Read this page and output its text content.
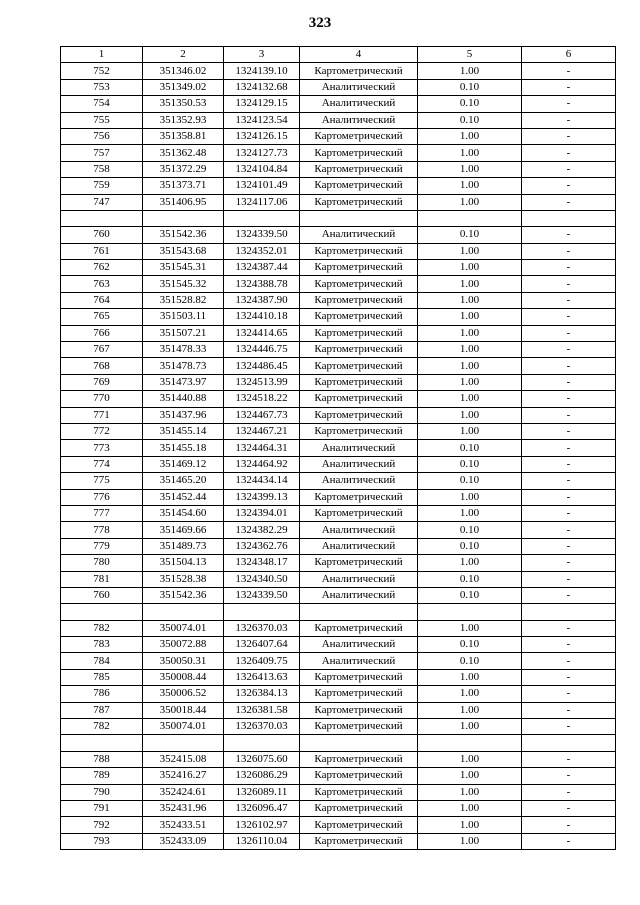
323
1	2	3	4	5	6
752	351346.02	1324139.10	Картометрический	1.00	-
753	351349.02	1324132.68	Аналитический	0.10	-
754	351350.53	1324129.15	Аналитический	0.10	-
755	351352.93	1324123.54	Аналитический	0.10	-
756	351358.81	1324126.15	Картометрический	1.00	-
757	351362.48	1324127.73	Картометрический	1.00	-
758	351372.29	1324104.84	Картометрический	1.00	-
759	351373.71	1324101.49	Картометрический	1.00	-
747	351406.95	1324117.06	Картометрический	1.00	-

760	351542.36	1324339.50	Аналитический	0.10	-
761	351543.68	1324352.01	Картометрический	1.00	-
762	351545.31	1324387.44	Картометрический	1.00	-
763	351545.32	1324388.78	Картометрический	1.00	-
764	351528.82	1324387.90	Картометрический	1.00	-
765	351503.11	1324410.18	Картометрический	1.00	-
766	351507.21	1324414.65	Картометрический	1.00	-
767	351478.33	1324446.75	Картометрический	1.00	-
768	351478.73	1324486.45	Картометрический	1.00	-
769	351473.97	1324513.99	Картометрический	1.00	-
770	351440.88	1324518.22	Картометрический	1.00	-
771	351437.96	1324467.73	Картометрический	1.00	-
772	351455.14	1324467.21	Картометрический	1.00	-
773	351455.18	1324464.31	Аналитический	0.10	-
774	351469.12	1324464.92	Аналитический	0.10	-
775	351465.20	1324434.14	Аналитический	0.10	-
776	351452.44	1324399.13	Картометрический	1.00	-
777	351454.60	1324394.01	Картометрический	1.00	-
778	351469.66	1324382.29	Аналитический	0.10	-
779	351489.73	1324362.76	Аналитический	0.10	-
780	351504.13	1324348.17	Картометрический	1.00	-
781	351528.38	1324340.50	Аналитический	0.10	-
760	351542.36	1324339.50	Аналитический	0.10	-

782	350074.01	1326370.03	Картометрический	1.00	-
783	350072.88	1326407.64	Аналитический	0.10	-
784	350050.31	1326409.75	Аналитический	0.10	-
785	350008.44	1326413.63	Картометрический	1.00	-
786	350006.52	1326384.13	Картометрический	1.00	-
787	350018.44	1326381.58	Картометрический	1.00	-
782	350074.01	1326370.03	Картометрический	1.00	-

788	352415.08	1326075.60	Картометрический	1.00	-
789	352416.27	1326086.29	Картометрический	1.00	-
790	352424.61	1326089.11	Картометрический	1.00	-
791	352431.96	1326096.47	Картометрический	1.00	-
792	352433.51	1326102.97	Картометрический	1.00	-
793	352433.09	1326110.04	Картометрический	1.00	-
